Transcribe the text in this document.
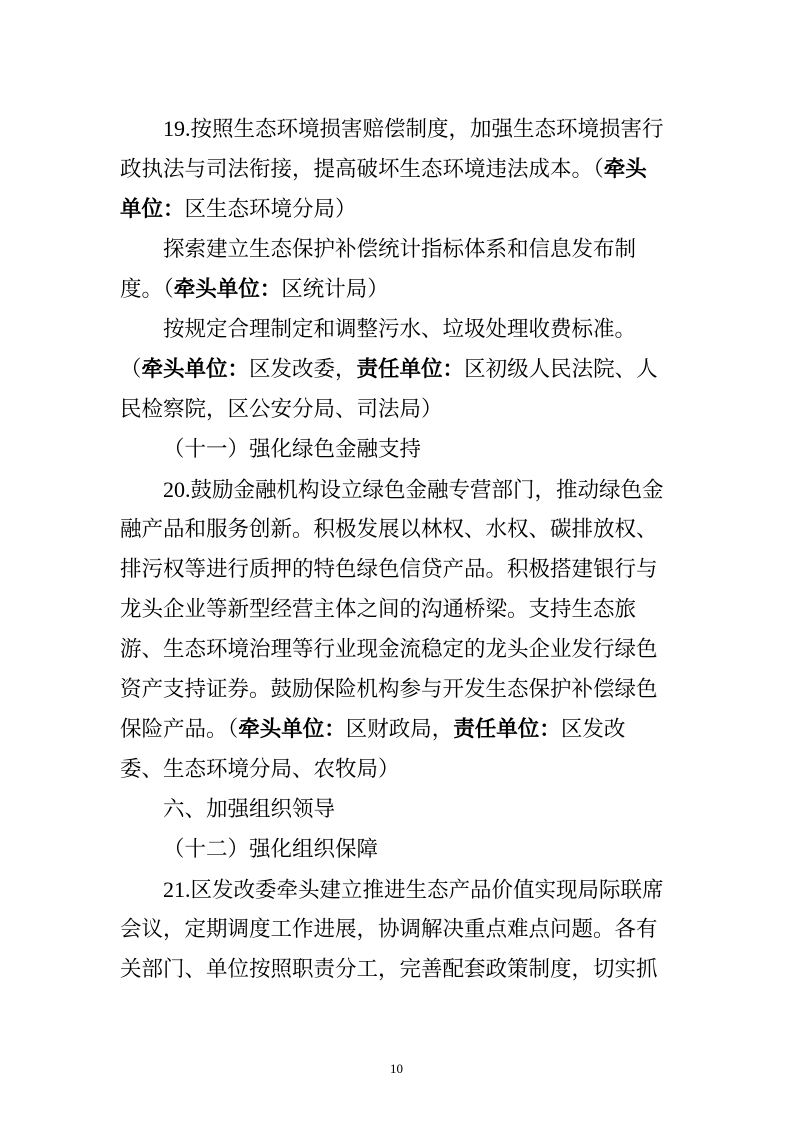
19.按照生态环境损害赔偿制度，加强生态环境损害行
政执法与司法衔接，提高破坏生态环境违法成本。（牵头
单位：区生态环境分局）
探索建立生态保护补偿统计指标体系和信息发布制
度。（牵头单位：区统计局）
按规定合理制定和调整污水、垃圾处理收费标准。
（牵头单位：区发改委，责任单位：区初级人民法院、人
民检察院，区公安分局、司法局）
（十一）强化绿色金融支持
20.鼓励金融机构设立绿色金融专营部门，推动绿色金
融产品和服务创新。积极发展以林权、水权、碳排放权、
排污权等进行质押的特色绿色信贷产品。积极搭建银行与
龙头企业等新型经营主体之间的沟通桥梁。支持生态旅
游、生态环境治理等行业现金流稳定的龙头企业发行绿色
资产支持证券。鼓励保险机构参与开发生态保护补偿绿色
保险产品。（牵头单位：区财政局，责任单位：区发改
委、生态环境分局、农牧局）
六、加强组织领导
（十二）强化组织保障
21.区发改委牵头建立推进生态产品价值实现局际联席
会议，定期调度工作进展，协调解决重点难点问题。各有
关部门、单位按照职责分工，完善配套政策制度，切实抓
10
